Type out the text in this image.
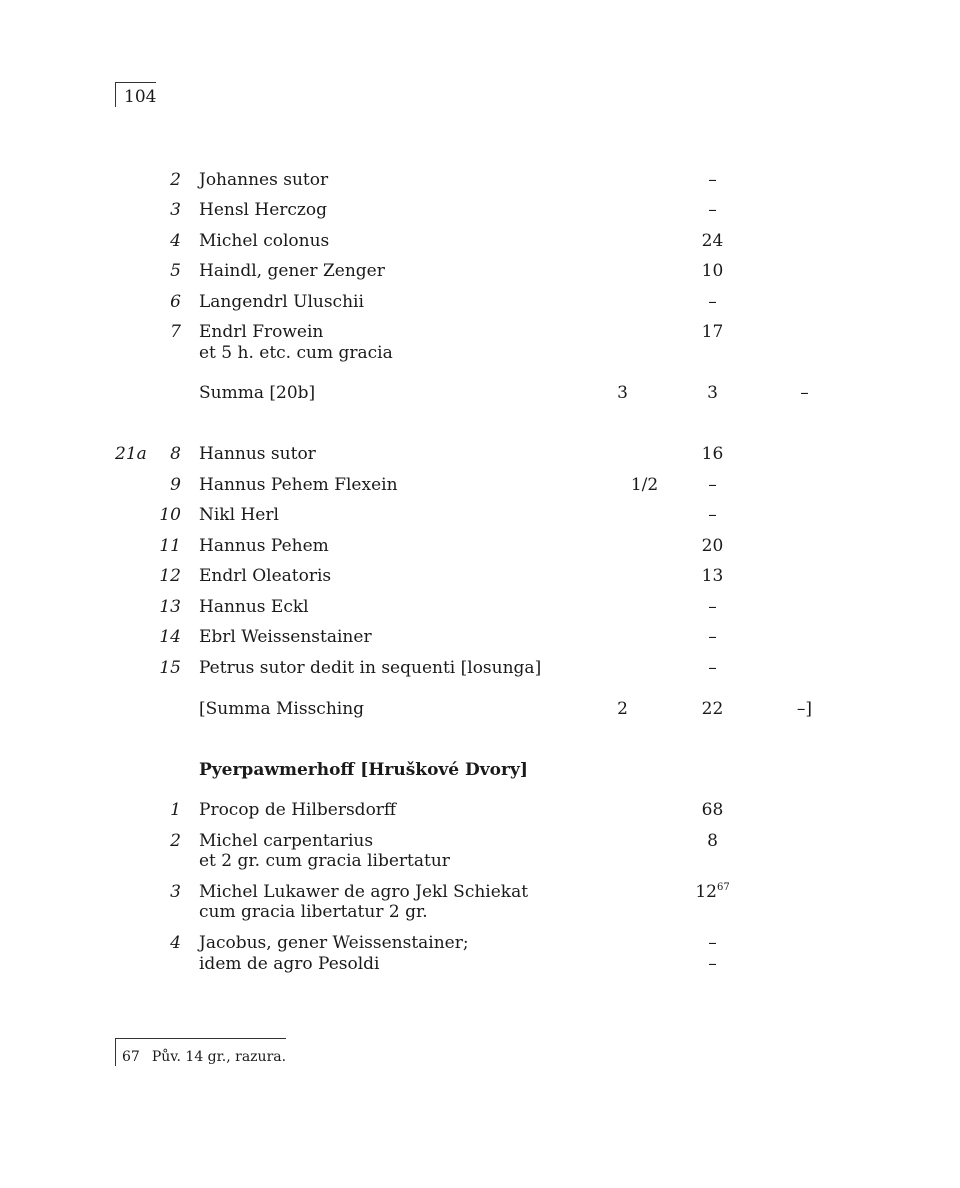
104
2 Johannes sutor	–
3 Hensl Herczog	–
4 Michel colonus	24
5 Haindl, gener Zenger	10
6 Langendrl Uluschii	–
7 Endrl Frowein	17
et 5 h. etc. cum gracia
Summa [20b]	3	3	–
21a	8 Hannus sutor	16
9 Hannus Pehem Flexein	1/2	–
10 Nikl Herl	–
11 Hannus Pehem	20
12 Endrl Oleatoris	13
13 Hannus Eckl	–
14 Ebrl Weissenstainer	–
15 Petrus sutor dedit in sequenti [losunga]	–
[Summa Missching	2	22	–]
Pyerpawmerhoff [Hruškové Dvory]
1 Procop de Hilbersdorff	68
2 Michel carpentarius	8
et 2 gr. cum gracia libertatur
3 Michel Lukawer de agro Jekl Schiekat	$12^{67}$
cum gracia libertatur 2 gr.
4 Jacobus, gener Weissenstainer;	–
idem de agro Pesoldi	–
67 Pův. 14 gr., razura.
